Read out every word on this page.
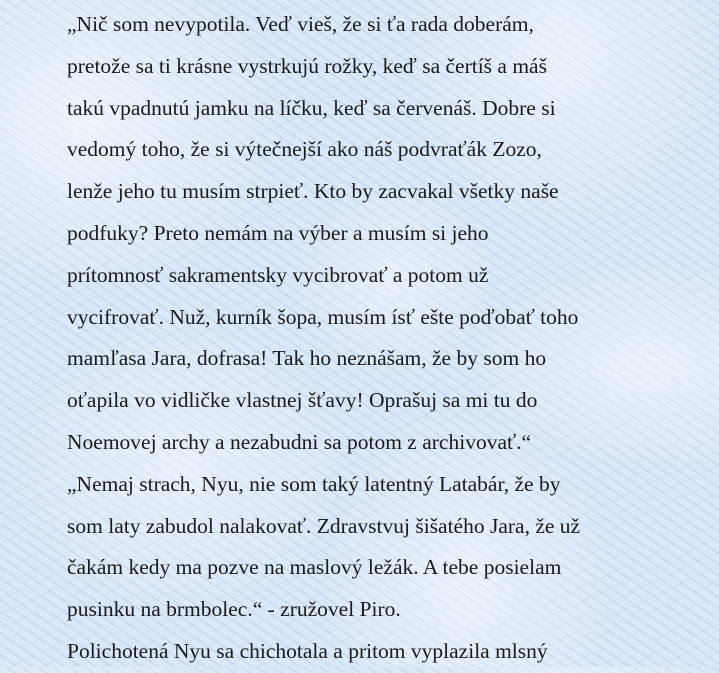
„Nič som nevypotila. Veď vieš, že si ťa rada doberám,
pretože sa ti krásne vystrkujú rožky, keď sa čertíš a máš
takú vpadnutú jamku na líčku, keď sa červenáš. Dobre si
vedomý toho, že si výtečnejší ako náš podvraťák Zozo,
lenže jeho tu musím strpieť. Kto by zacvakal všetky naše
podfuky? Preto nemám na výber a musím si jeho
prítomnosť sakramentsky vycibrovať a potom už
vycifrovať. Nuž, kurník šopa, musím ísť ešte poďobať toho
mamľasa Jara, dofrasa! Tak ho neznášam, že by som ho
oťapila vo vidličke vlastnej šťavy! Oprašuj sa mi tu do
Noemovej archy a nezabudni sa potom z archivovať.“
„Nemaj strach, Nyu, nie som taký latentný Latabár, že by
som laty zabudol nalakovať. Zdravstvuj šišatého Jara, že už
čakám kedy ma pozve na maslový ležák. A tebe posielam
pusinku na brmbolec.“ - zružovel Piro.
Polichotená Nyu sa chichotala a pritom vyplazila mlsný
